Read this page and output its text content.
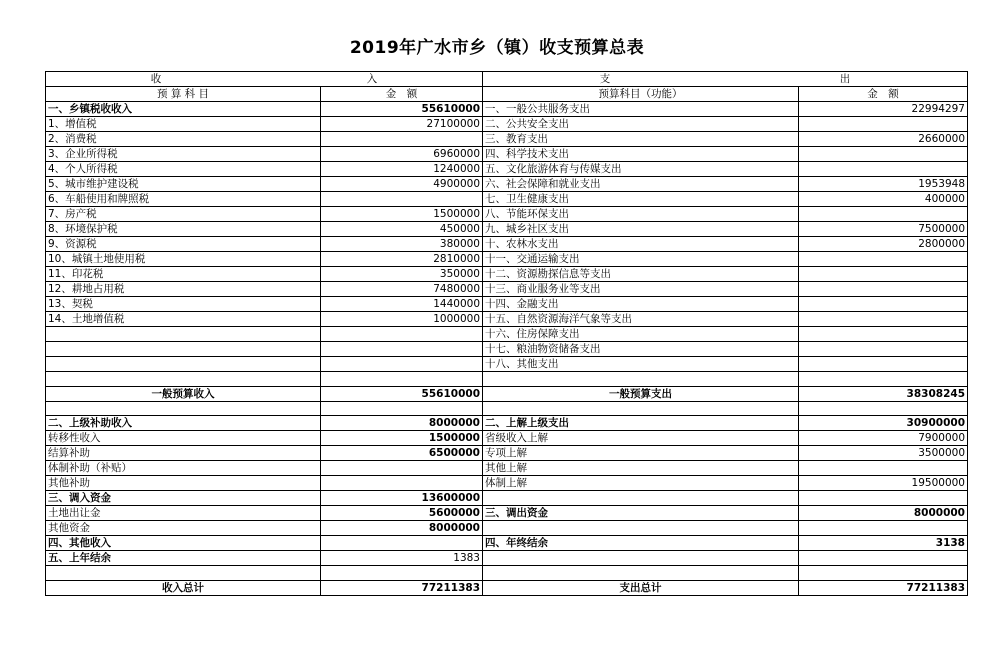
2019年广水市乡（镇）收支预算总表
收 入		支 出	

预 算 科 目	金　额	预算科目（功能）	金　额
一、乡镇税收收入	55610000	一、一般公共服务支出	22994297
1、增值税	27100000	二、公共安全支出	
2、消费税		三、教育支出	2660000
3、企业所得税	6960000	四、科学技术支出	
4、个人所得税	1240000	五、文化旅游体育与传媒支出	
5、城市维护建设税	4900000	六、社会保障和就业支出	1953948
6、车船使用和牌照税		七、卫生健康支出	400000
7、房产税	1500000	八、节能环保支出	
8、环境保护税	450000	九、城乡社区支出	7500000
9、资源税	380000	十、农林水支出	2800000
10、城镇土地使用税	2810000	十一、交通运输支出	
11、印花税	350000	十二、资源勘探信息等支出	
12、耕地占用税	7480000	十三、商业服务业等支出	
13、契税	1440000	十四、金融支出	
14、土地增值税	1000000	十五、自然资源海洋气象等支出	
		十六、住房保障支出	
		十七、粮油物资储备支出	
		十八、其他支出	

一般预算收入	55610000	一般预算支出	38308245

二、上级补助收入	8000000	二、上解上级支出	30900000
转移性收入	1500000	省级收入上解	7900000
结算补助	6500000	专项上解	3500000
体制补助（补贴）		其他上解	
其他补助		体制上解	19500000
三、调入资金	13600000		
土地出让金	5600000	三、调出资金	8000000
其他资金	8000000		
四、其他收入		四、年终结余	3138
五、上年结余	1383		

收入总计	77211383	支出总计	77211383
